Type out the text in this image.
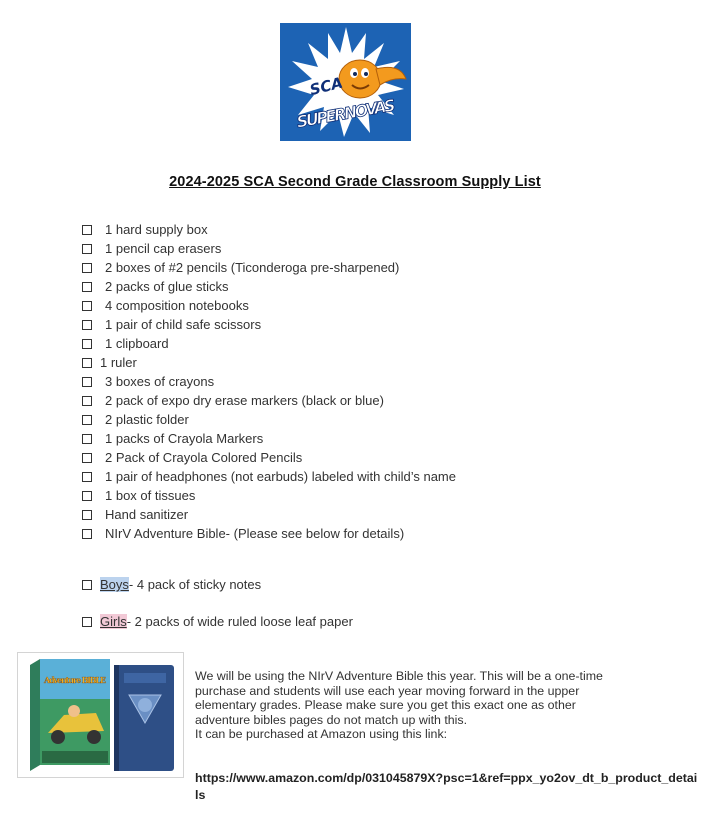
SCA
SUPERNOVAS
2024-2025 SCA Second Grade Classroom Supply List
1 hard supply box
1 pencil cap erasers
2 boxes of #2 pencils (Ticonderoga pre-sharpened)
2 packs of glue sticks
4 composition notebooks
1 pair of child safe scissors
1 clipboard
1 ruler
3 boxes of crayons
2 pack of expo dry erase markers (black or blue)
2 plastic folder
1 packs of Crayola Markers
2 Pack of Crayola Colored Pencils
1 pair of headphones (not earbuds) labeled with child’s name
1 box of tissues
Hand sanitizer
NIrV Adventure Bible- (Please see below for details)
Boys - 4 pack of sticky notes
Girls - 2 packs of wide ruled loose leaf paper
Adventure BIBLE	We will be using the NIrV Adventure Bible this year. This will be a one-time
purchase and students will use each year moving forward in the upper
elementary grades. Please make sure you get this exact one as other
adventure bibles pages do not match up with this.
It can be purchased at Amazon using this link:

https://www.amazon.com/dp/031045879X?psc=1&ref=ppx_yo2ov_dt_b_product_details
